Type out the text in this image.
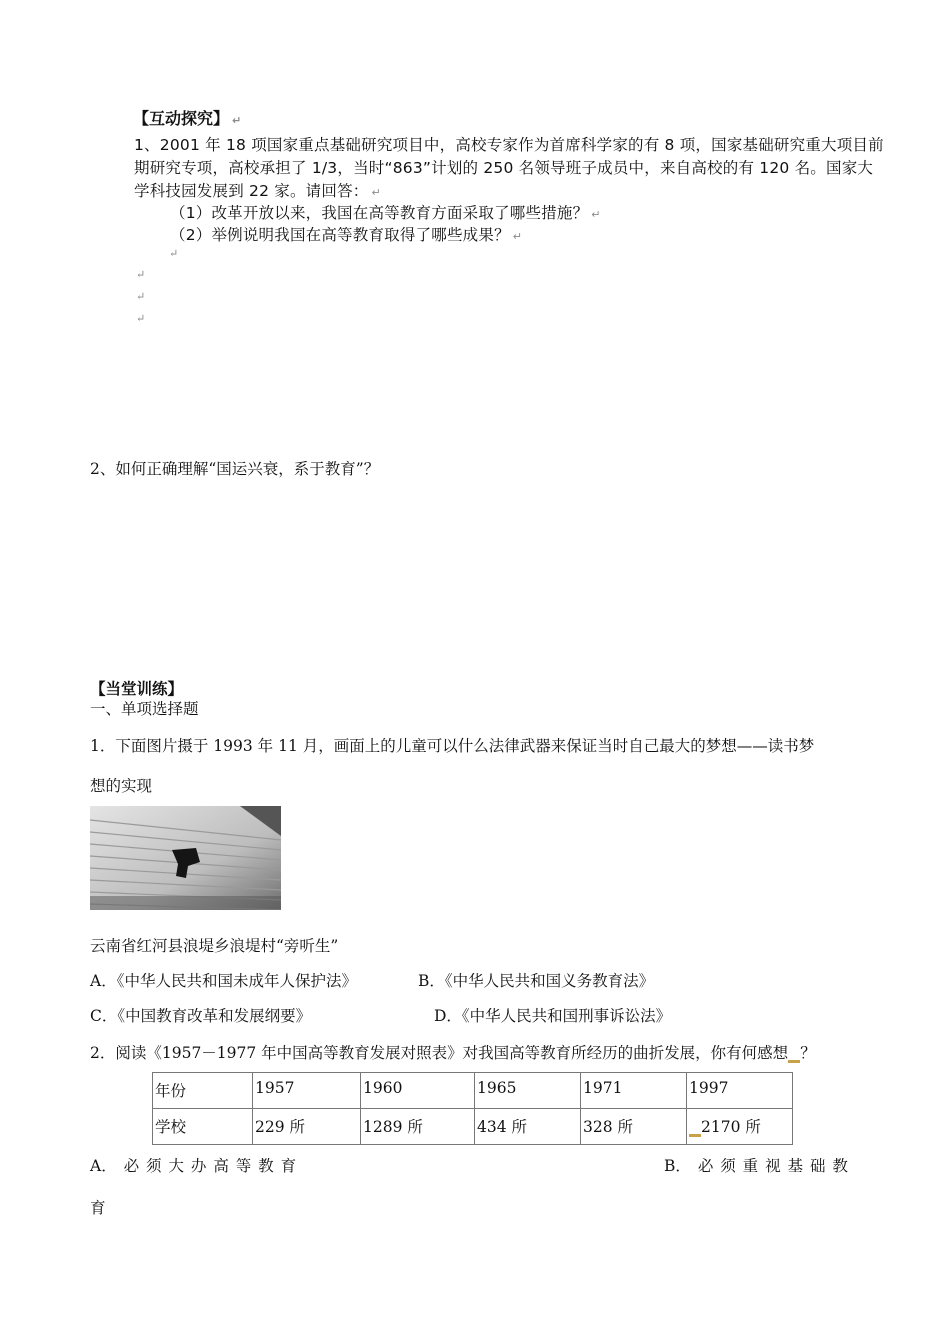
【互动探究】 ↵
1、2001 年 18 项国家重点基础研究项目中，高校专家作为首席科学家的有 8 项，国家基础研究重大项目前
期研究专项，高校承担了 1/3，当时“863”计划的 250 名领导班子成员中，来自高校的有 120 名。国家大
学科技园发展到 22 家。请回答： ↵
（1）改革开放以来，我国在高等教育方面采取了哪些措施？ ↵
（2）举例说明我国在高等教育取得了哪些成果？ ↵
↵
↵
↵
↵
2、如何正确理解“国运兴衰，系于教育”？
【当堂训练】
一、单项选择题
1．下面图片摄于 1993 年 11 月，画面上的儿童可以什么法律武器来保证当时自己最大的梦想——读书梦
想的实现
云南省红河县浪堤乡浪堤村“旁听生”
A．《中华人民共和国未成年人保护法》	B．《中华人民共和国义务教育法》
C．《中国教育改革和发展纲要》	D．《中华人民共和国刑事诉讼法》
2．阅读《1957－1977 年中国高等教育发展对照表》对我国高等教育所经历的曲折发展，你有何感想 ？
年份	1957	1960	1965	1971	1997
学校	229 所	1289 所	434 所	328 所	2170 所
A． 必 须 大 办 高 等 教 育	B． 必 须 重 视 基 础 教
育
